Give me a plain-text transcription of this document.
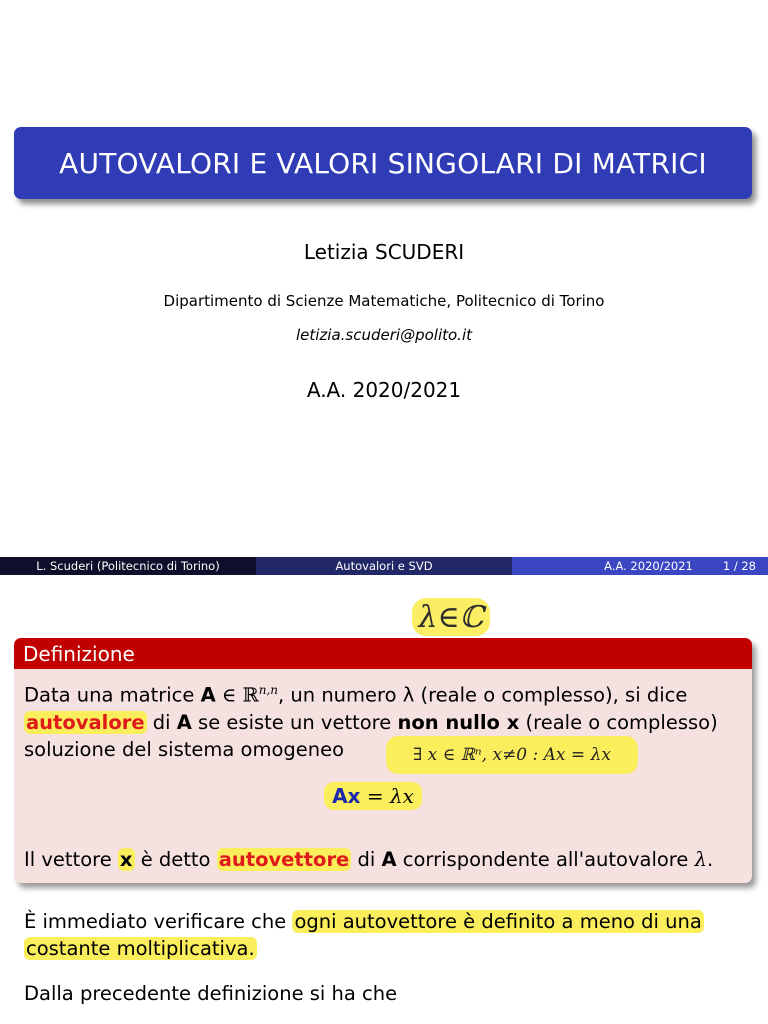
AUTOVALORI E VALORI SINGOLARI DI MATRICI
Letizia SCUDERI
Dipartimento di Scienze Matematiche, Politecnico di Torino
letizia.scuderi@polito.it
A.A. 2020/2021
L. Scuderi (Politecnico di Torino)	Autovalori e SVD	A.A. 2020/2021	1 / 28
λ∈ℂ
Definizione
Data una matrice A ∈ ℝ$^{n,n}$, un numero λ (reale o complesso), si dice
autovalore di A se esiste un vettore non nullo x (reale o complesso)
soluzione del sistema omogeneo	∃ x ∈ ℝⁿ, x≠0 : Ax = λx
Ax = λx
Il vettore x è detto autovettore di A corrispondente all'autovalore λ.
È immediato verificare che ogni autovettore è definito a meno di una
costante moltiplicativa.
Dalla precedente definizione si ha che
